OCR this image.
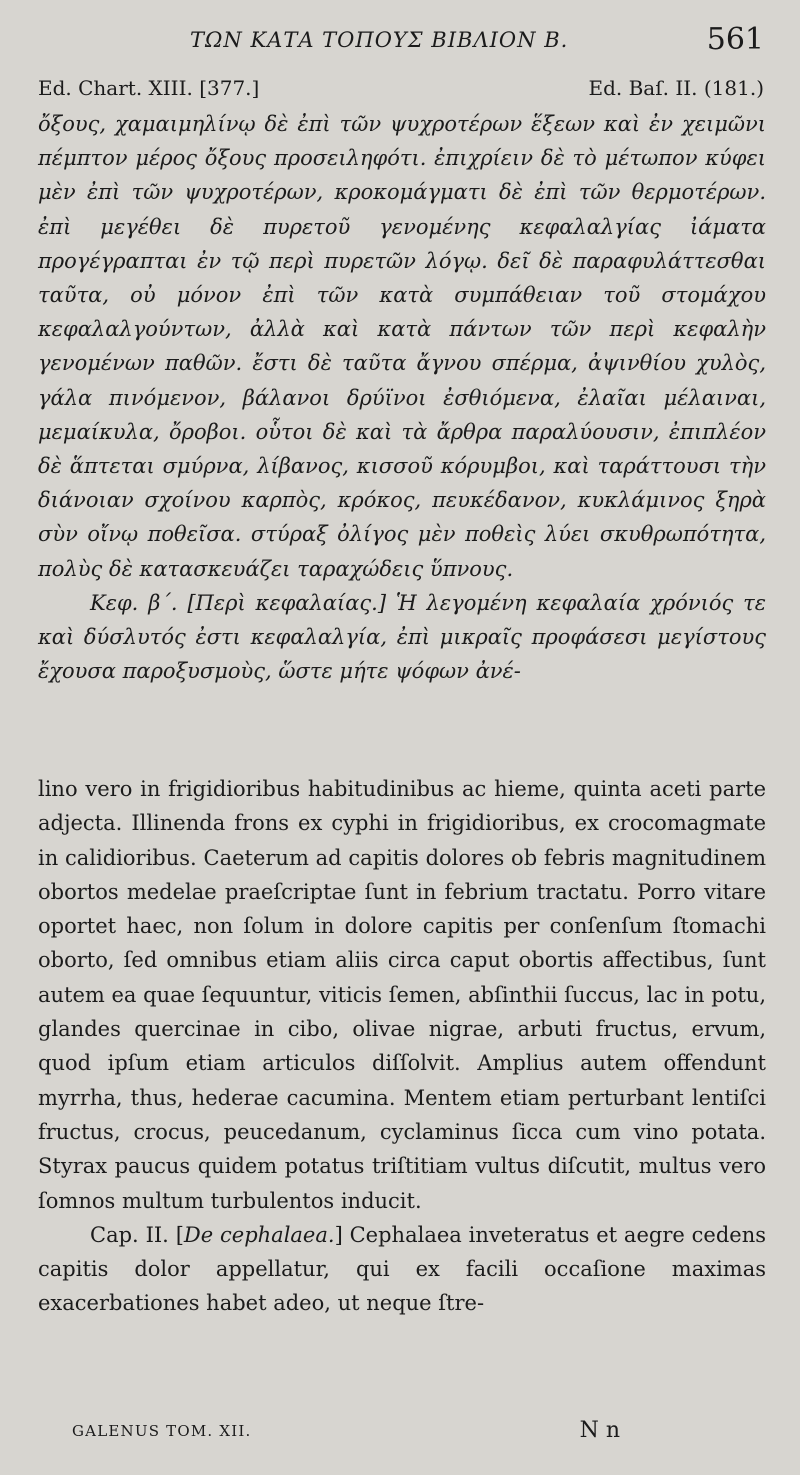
ΤΩΝ ΚΑΤΑ ΤΟΠΟΥΣ ΒΙΒΛΙΟΝ Β.	561
Ed. Chart. XIII. [377.]	Ed. Baſ. II. (181.)

ὄξους, χαμαιμηλίνῳ δὲ ἐπὶ τῶν ψυχροτέρων ἕξεων καὶ ἐν χειμῶνι πέμπτον μέρος ὄξους προσειληφότι. ἐπιχρίειν δὲ τὸ μέτωπον κύφει μὲν ἐπὶ τῶν ψυχροτέρων, κροκομάγματι δὲ ἐπὶ τῶν θερμοτέρων. ἐπὶ μεγέθει δὲ πυρετοῦ γενομένης κεφαλαλγίας ἰάματα προγέγραπται ἐν τῷ περὶ πυρετῶν λόγῳ. δεῖ δὲ παραφυλάττεσθαι ταῦτα, οὐ μόνον ἐπὶ τῶν κατὰ συμπάθειαν τοῦ στομάχου κεφαλαλγούντων, ἀλλὰ καὶ κατὰ πάντων τῶν περὶ κεφαλὴν γενομένων παθῶν. ἔστι δὲ ταῦτα ἄγνου σπέρμα, ἀψινθίου χυλὸς, γάλα πινόμενον, βάλανοι δρύϊνοι ἐσθιόμενα, ἐλαῖαι μέλαιναι, μεμαίκυλα, ὄροβοι. οὗτοι δὲ καὶ τὰ ἄρθρα παραλύουσιν, ἐπιπλέον δὲ ἅπτεται σμύρνα, λίβανος, κισσοῦ κόρυμβοι, καὶ ταράττουσι τὴν διάνοιαν σχοίνου καρπὸς, κρόκος, πευκέδανον, κυκλάμινος ξηρὰ σὺν οἴνῳ ποθεῖσα. στύραξ ὀλίγος μὲν ποθεὶς λύει σκυθρωπότητα, πολὺς δὲ κατασκευάζει ταραχώδεις ὕπνους.

Κεφ. β΄. [Περὶ κεφαλαίας.] Ἡ λεγομένη κεφαλαία χρόνιός τε καὶ δύσλυτός ἐστι κεφαλαλγία, ἐπὶ μικραῖς προφάσεσι μεγίστους ἔχουσα παροξυσμοὺς, ὥστε μήτε ψόφων ἀνέ-

lino vero in frigidioribus habitudinibus ac hieme, quinta aceti parte adjecta. Illinenda frons ex cyphi in frigidioribus, ex crocomagmate in calidioribus. Caeterum ad capitis dolores ob febris magnitudinem obortos medelae praeſcriptae ſunt in febrium tractatu. Porro vitare oportet haec, non ſolum in dolore capitis per conſenſum ſtomachi oborto, ſed omnibus etiam aliis circa caput obortis affectibus, ſunt autem ea quae ſequuntur, viticis ſemen, abſinthii ſuccus, lac in potu, glandes quercinae in cibo, olivae nigrae, arbuti fructus, ervum, quod ipſum etiam articulos diſſolvit. Amplius autem offendunt myrrha, thus, hederae cacumina. Mentem etiam perturbant lentiſci fructus, crocus, peucedanum, cyclaminus ſicca cum vino potata. Styrax paucus quidem potatus triſtitiam vultus diſcutit, multus vero ſomnos multum turbulentos inducit.

Cap. II. [De cephalaea.] Cephalaea inveteratus et aegre cedens capitis dolor appellatur, qui ex facili occaſione maximas exacerbationes habet adeo, ut neque ſtre-

GALENUS TOM. XII.	N n
